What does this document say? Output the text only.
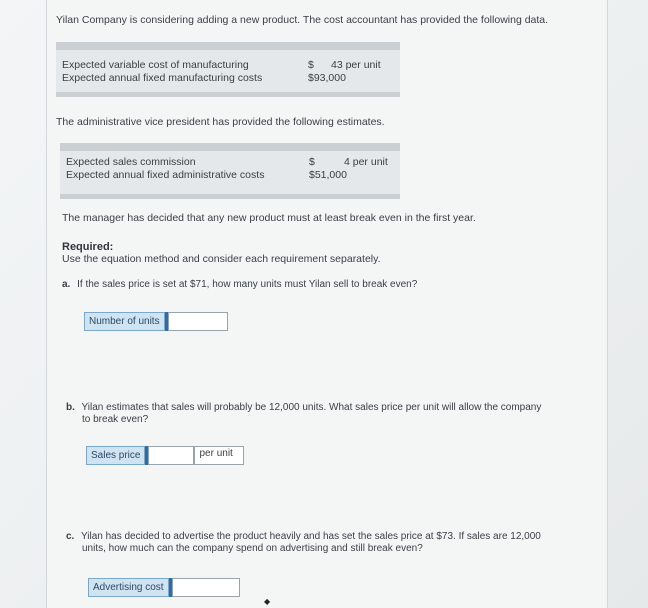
Yilan Company is considering adding a new product. The cost accountant has provided the following data.
Expected variable cost of manufacturing	$ 43 per unit
Expected annual fixed manufacturing costs	$93,000
The administrative vice president has provided the following estimates.
Expected sales commission	$	4 per unit
Expected annual fixed administrative costs	$51,000
The manager has decided that any new product must at least break even in the first year.
Required:
Use the equation method and consider each requirement separately.
a. If the sales price is set at $71, how many units must Yilan sell to break even?
Number of units
b. Yilan estimates that sales will probably be 12,000 units. What sales price per unit will allow the company
to break even?
Sales price	per unit
c. Yilan has decided to advertise the product heavily and has set the sales price at $73. If sales are 12,000
units, how much can the company spend on advertising and still break even?
Advertising cost
◆
